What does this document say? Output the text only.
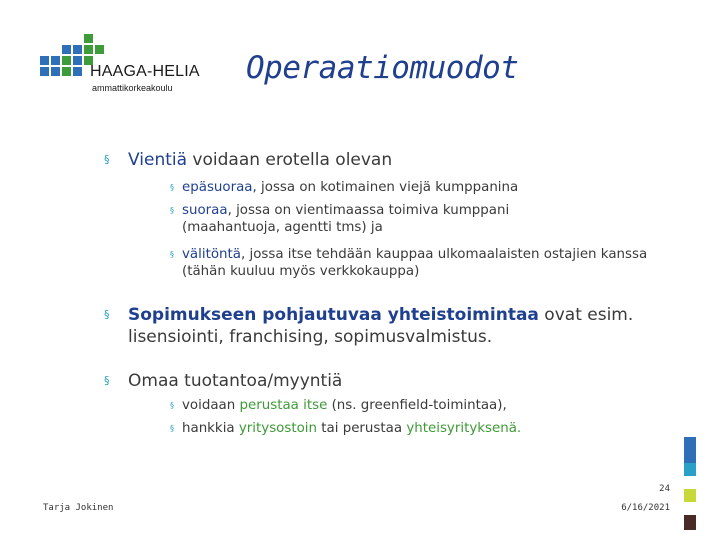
HAAGA-HELIA
ammattikorkeakoulu
Operaatiomuodot
§ Vientiä voidaan erotella olevan
§ epäsuoraa, jossa on kotimainen viejä kumppanina
§ suoraa, jossa on vientimaassa toimiva kumppani (maahantuoja, agentti tms) ja
§ välitöntä, jossa itse tehdään kauppaa ulkomaalaisten ostajien kanssa (tähän kuuluu myös verkkokauppa)
§ Sopimukseen pohjautuvaa yhteistoimintaa ovat esim. lisensiointi, franchising, sopimusvalmistus.
§ Omaa tuotantoa/myyntiä
§ voidaan perustaa itse (ns. greenfield-toimintaa),
§ hankkia yritysostoin tai perustaa yhteisyrityksenä.
24
Tarja Jokinen	6/16/2021
